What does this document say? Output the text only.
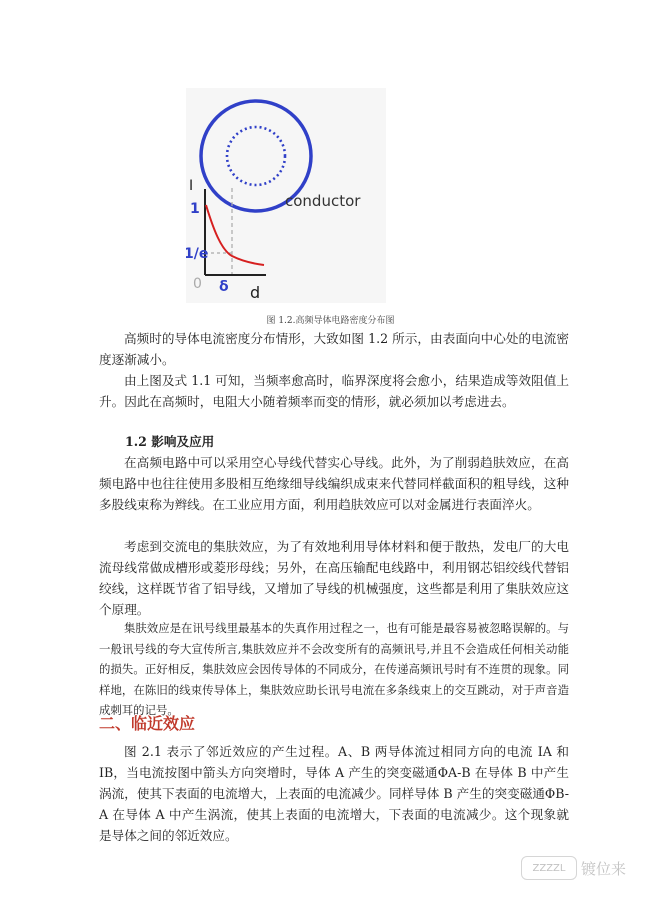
conductor
I
1
1/e
0 δ d
图 1.2.高频导体电路密度分布图

高频时的导体电流密度分布情形，大致如图 1.2 所示，由表面向中心处的电流密度逐渐减小。

由上图及式 1.1 可知，当频率愈高时，临界深度将会愈小，结果造成等效阻值上升。因此在高频时，电阻大小随着频率而变的情形，就必须加以考虑进去。

1.2 影响及应用

在高频电路中可以采用空心导线代替实心导线。此外，为了削弱趋肤效应，在高频电路中也往往使用多股相互绝缘细导线编织成束来代替同样截面积的粗导线，这种多股线束称为辫线。在工业应用方面，利用趋肤效应可以对金属进行表面淬火。

考虑到交流电的集肤效应，为了有效地利用导体材料和便于散热，发电厂的大电流母线常做成槽形或菱形母线；另外，在高压输配电线路中，利用钢芯铝绞线代替铝绞线，这样既节省了铝导线，又增加了导线的机械强度，这些都是利用了集肤效应这个原理。

集肤效应是在讯号线里最基本的失真作用过程之一，也有可能是最容易被忽略误解的。与一般讯号线的夸大宣传所言,集肤效应并不会改变所有的高频讯号,并且不会造成任何相关动能的损失。正好相反，集肤效应会因传导体的不同成分，在传递高频讯号时有不连贯的现象。同样地，在陈旧的线束传导体上，集肤效应助长讯号电流在多条线束上的交互跳动，对于声音造成刺耳的记号。

二、临近效应

图 2.1 表示了邻近效应的产生过程。A、B 两导体流过相同方向的电流 IA 和 IB，当电流按图中箭头方向突增时，导体 A 产生的突变磁通ΦA-B 在导体 B 中产生涡流，使其下表面的电流增大，上表面的电流减少。同样导体 B 产生的突变磁通ΦB-A 在导体 A 中产生涡流，使其上表面的电流增大，下表面的电流减少。这个现象就是导体之间的邻近效应。

ZZZZL	镀位来
